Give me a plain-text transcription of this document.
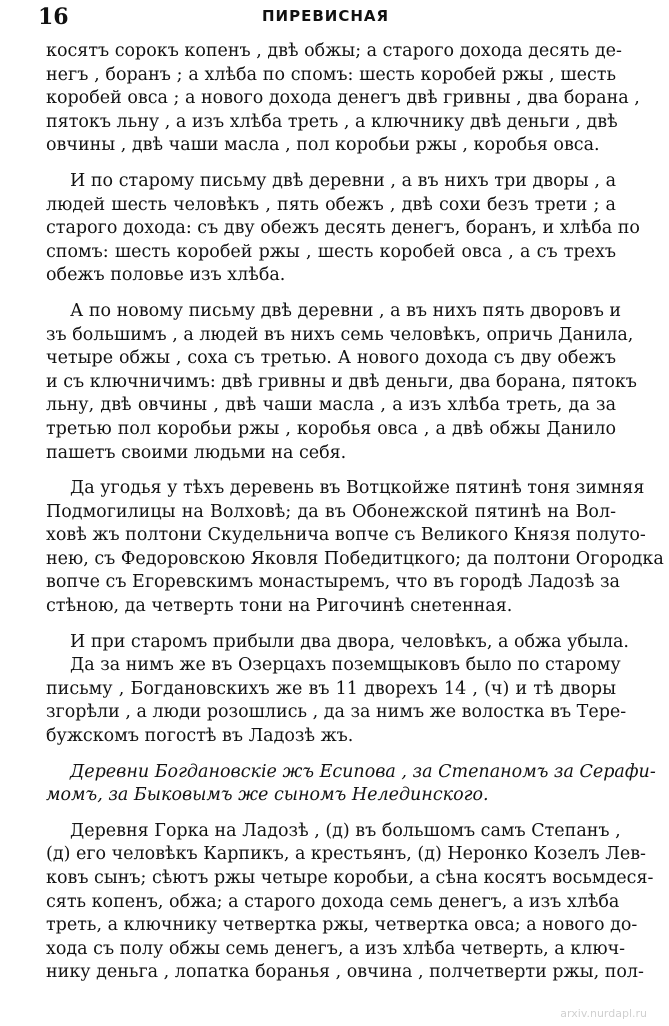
16	ПИРЕВИСНАЯ
косятъ сорокъ копенъ , двѣ обжы; а старого дохода десять де-
негъ , боранъ ; а хлѣба по спомъ: шесть коробей ржы , шесть
коробей овса ; а нового дохода денегъ двѣ гривны , два борана ,
пятокъ льну , а изъ хлѣба треть , а ключнику двѣ деньги , двѣ
овчины , двѣ чаши масла , пол коробьи ржы , коробья овса.
И по старому письму двѣ деревни , а въ нихъ три дворы , а
людей шесть человѣкъ , пять обежъ , двѣ сохи безъ трети ; а
старого дохода: съ дву обежъ десять денегъ, боранъ, и хлѣба по
спомъ: шесть коробей ржы , шесть коробей овса , а съ трехъ
обежъ половье изъ хлѣба.
А по новому письму двѣ деревни , а въ нихъ пять дворовъ и
зъ большимъ , а людей въ нихъ семь человѣкъ, опричь Данила,
четыре обжы , соха съ третью. А нового дохода съ дву обежъ
и съ ключничимъ: двѣ гривны и двѣ деньги, два борана, пятокъ
льну, двѣ овчины , двѣ чаши масла , а изъ хлѣба треть, да за
третью пол коробьи ржы , коробья овса , а двѣ обжы Данило
пашетъ своими людьми на себя.
Да угодья у тѣхъ деревень въ Вотцкойже пятинѣ тоня зимняя
Подмогилицы на Волховѣ; да въ Обонежской пятинѣ на Вол-
ховѣ жъ полтони Скудельнича вопче съ Великого Князя полуто-
нею, съ Федоровскою Яковля Победитцкого; да полтони Огородка
вопче съ Егоревскимъ монастыремъ, что въ городѣ Ладозѣ за
стѣною, да четверть тони на Ригочинѣ снетенная.
И при старомъ прибыли два двора, человѣкъ, а обжа убыла.
Да за нимъ же въ Озерцахъ поземщыковъ было по старому
письму , Богдановскихъ же въ 11 дворехъ 14 , (ч) и тѣ дворы
згорѣли , а люди розошлись , да за нимъ же волостка въ Тере-
бужскомъ погостѣ въ Ладозѣ жъ.
Деревни Богдановскіе жъ Есипова , за Степаномъ за Серафи-
момъ, за Быковымъ же сыномъ Нелединского.
Деревня Горка на Ладозѣ , (д) въ большомъ самъ Степанъ ,
(д) его человѣкъ Карпикъ, а крестьянъ, (д) Неронко Козелъ Лев-
ковъ сынъ; сѣютъ ржы четыре коробьи, а сѣна косятъ восьмдеся-
сять копенъ, обжа; а старого дохода семь денегъ, а изъ хлѣба
треть, а ключнику четвертка ржы, четвертка овса; а нового до-
хода съ полу обжы семь денегъ, а изъ хлѣба четверть, а ключ-
нику деньга , лопатка боранья , овчина , полчетверти ржы, пол-
arxiv.nurdapl.ru
